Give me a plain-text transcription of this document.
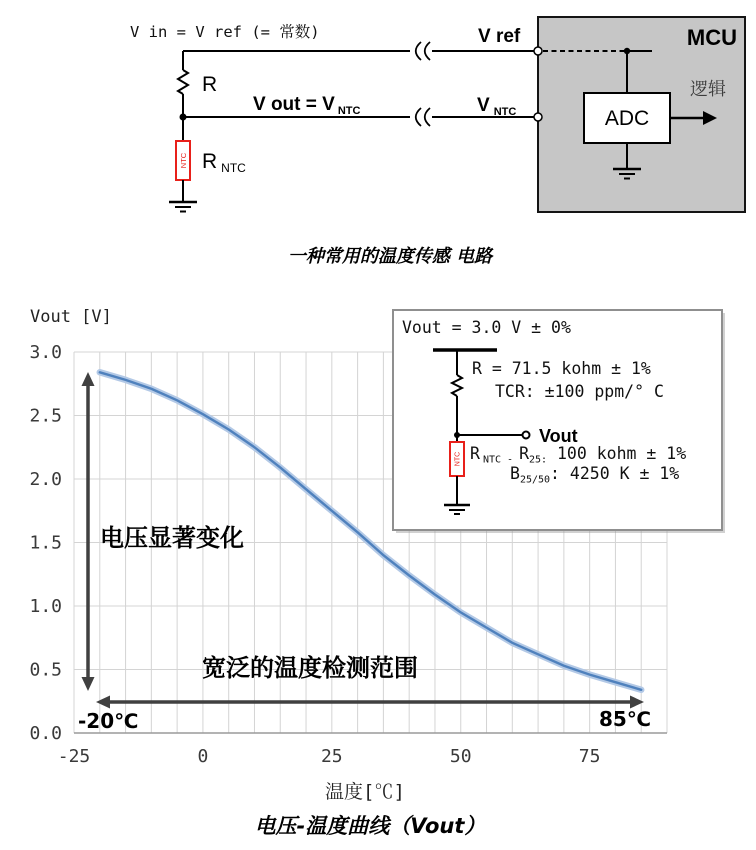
V in = V ref (= 常数)	MCU
R
NTC RNTC
V out = V $_{NTC}$
V ref
V $_{NTC}$	ADC
逻辑
一种常用的温度传感 电路
0.0
0.5
1.0
1.5
2.0
2.5
3.0
-25	0	25	50	75
Vout [V]
温度[℃]
电压显著变化
宽泛的温度检测范围
-20℃	85℃
Vout = 3.0 V ± 0%
Vout
NTC
R = 71.5 kohm ± 1%
TCR: ±100 ppm/° C
R $_{NTC -}$ $R_{25:}$ 100 kohm ± 1%
$B_{25/50}$: 4250 K ± 1%
电压-温度曲线（Vout）
